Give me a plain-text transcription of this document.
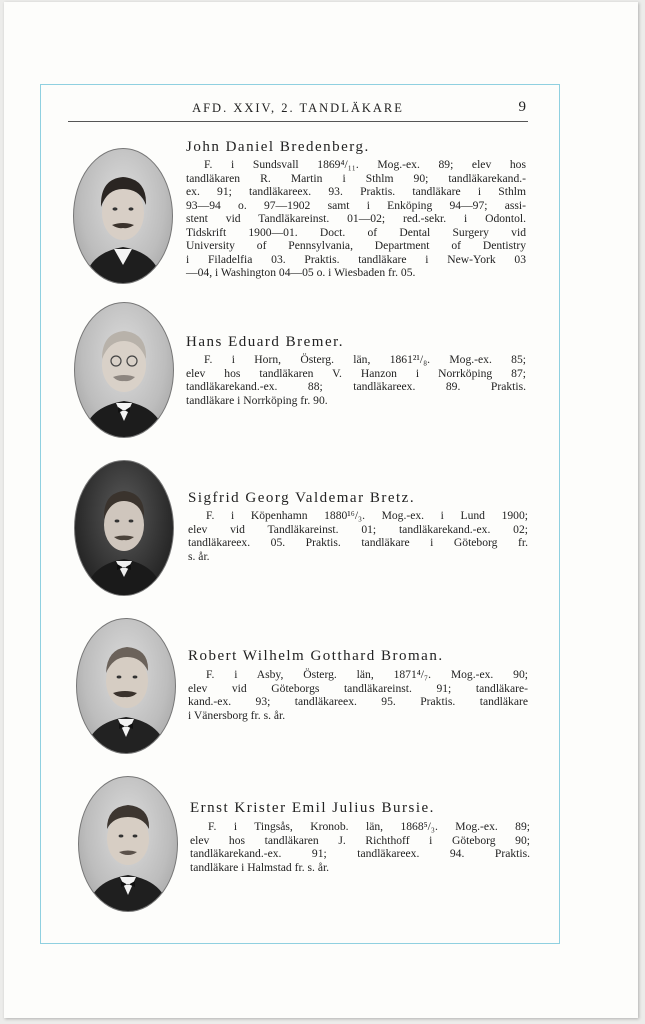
AFD. XXIV, 2. TANDLÄKARE	9
John Daniel Bredenberg.
F. i Sundsvall 1869⁴/₁₁. Mog.-ex. 89; elev hos
tandläkaren R. Martin i Sthlm 90; tandläkarekand.-
ex. 91; tandläkareex. 93. Praktis. tandläkare i Sthlm
93—94 o. 97—1902 samt i Enköping 94—97; assi-
stent vid Tandläkareinst. 01—02; red.-sekr. i Odontol.
Tidskrift 1900—01. Doct. of Dental Surgery vid
University of Pennsylvania, Department of Dentistry
i Filadelfia 03. Praktis. tandläkare i New-York 03
—04, i Washington 04—05 o. i Wiesbaden fr. 05.
Hans Eduard Bremer.
F. i Horn, Österg. län, 1861²¹/₈. Mog.-ex. 85;
elev hos tandläkaren V. Hanzon i Norrköping 87;
tandläkarekand.-ex. 88; tandläkareex. 89. Praktis.
tandläkare i Norrköping fr. 90.
Sigfrid Georg Valdemar Bretz.
F. i Köpenhamn 1880¹⁶/₃. Mog.-ex. i Lund 1900;
elev vid Tandläkareinst. 01; tandläkarekand.-ex. 02;
tandläkareex. 05. Praktis. tandläkare i Göteborg fr.
s. år.
Robert Wilhelm Gotthard Broman.
F. i Asby, Österg. län, 1871⁴/₇. Mog.-ex. 90;
elev vid Göteborgs tandläkareinst. 91; tandläkare-
kand.-ex. 93; tandläkareex. 95. Praktis. tandläkare
i Vänersborg fr. s. år.
Ernst Krister Emil Julius Bursie.
F. i Tingsås, Kronob. län, 1868⁵/₃. Mog.-ex. 89;
elev hos tandläkaren J. Richthoff i Göteborg 90;
tandläkarekand.-ex. 91; tandläkareex. 94. Praktis.
tandläkare i Halmstad fr. s. år.
